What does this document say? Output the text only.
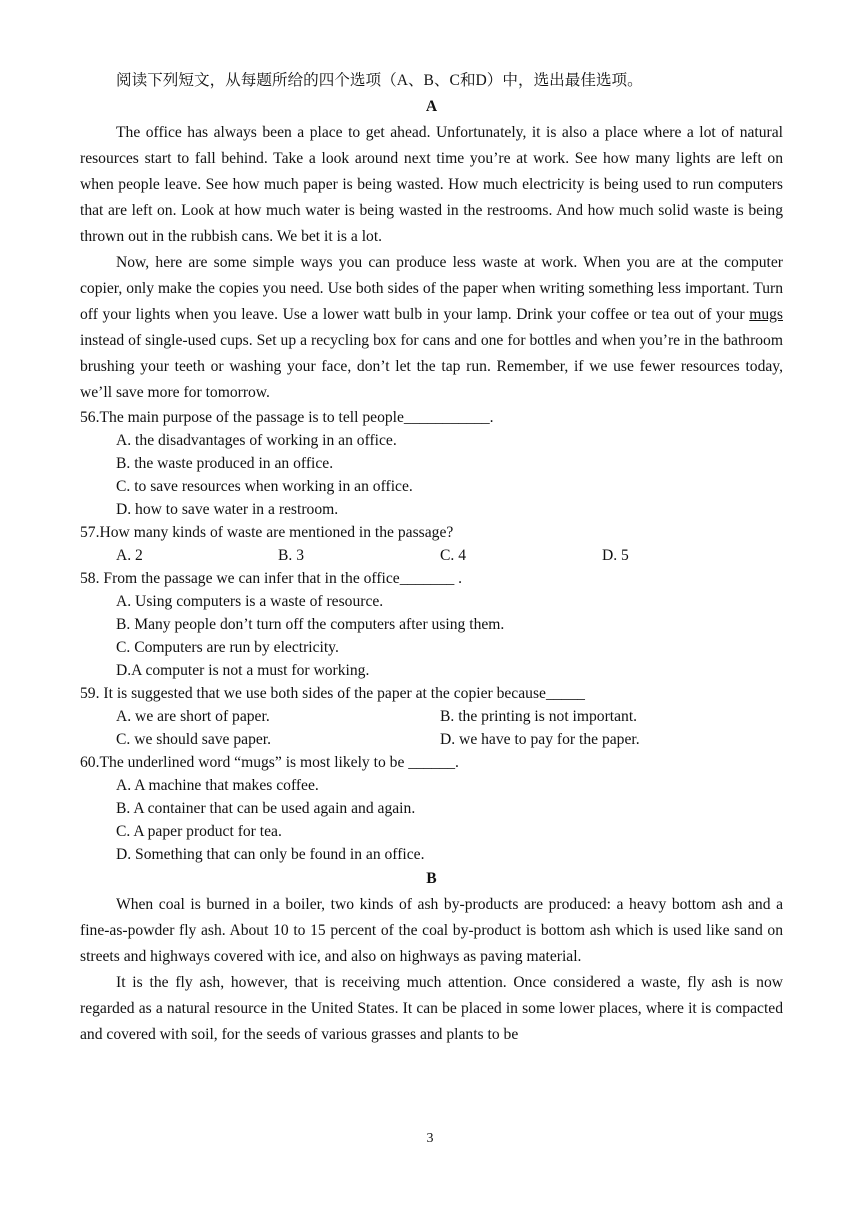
阅读下列短文，从每题所给的四个选项（A、B、C和D）中，选出最佳选项。

A

The office has always been a place to get ahead. Unfortunately, it is also a place where a lot of natural resources start to fall behind. Take a look around next time you’re at work. See how many lights are left on when people leave. See how much paper is being wasted. How much electricity is being used to run computers that are left on. Look at how much water is being wasted in the restrooms. And how much solid waste is being thrown out in the rubbish cans. We bet it is a lot.

Now, here are some simple ways you can produce less waste at work. When you are at the computer copier, only make the copies you need. Use both sides of the paper when writing something less important. Turn off your lights when you leave. Use a lower watt bulb in your lamp. Drink your coffee or tea out of your mugs instead of single-used cups. Set up a recycling box for cans and one for bottles and when you’re in the bathroom brushing your teeth or washing your face, don’t let the tap run. Remember, if we use fewer resources today, we’ll save more for tomorrow.

56.The main purpose of the passage is to tell people___________.

A. the disadvantages of working in an office.

B. the waste produced in an office.

C. to save resources when working in an office.

D. how to save water in a restroom.

57.How many kinds of waste are mentioned in the passage?

A. 2	B. 3	C. 4	D. 5

58. From the passage we can infer that in the office_______ .

A. Using computers is a waste of resource.

B. Many people don’t turn off the computers after using them.

C. Computers are run by electricity.

D.A computer is not a must for working.

59. It is suggested that we use both sides of the paper at the copier because_____

A. we are short of paper.	B. the printing is not important.
C. we should save paper.	D. we have to pay for the paper.

60.The underlined word “mugs” is most likely to be ______.

A. A machine that makes coffee.

B. A container that can be used again and again.

C. A paper product for tea.

D. Something that can only be found in an office.

B

When coal is burned in a boiler, two kinds of ash by-products are produced: a heavy bottom ash and a fine-as-powder fly ash. About 10 to 15 percent of the coal by-product is bottom ash which is used like sand on streets and highways covered with ice, and also on highways as paving material.

It is the fly ash, however, that is receiving much attention. Once considered a waste, fly ash is now regarded as a natural resource in the United States. It can be placed in some lower places, where it is compacted and covered with soil, for the seeds of various grasses and plants to be

3
